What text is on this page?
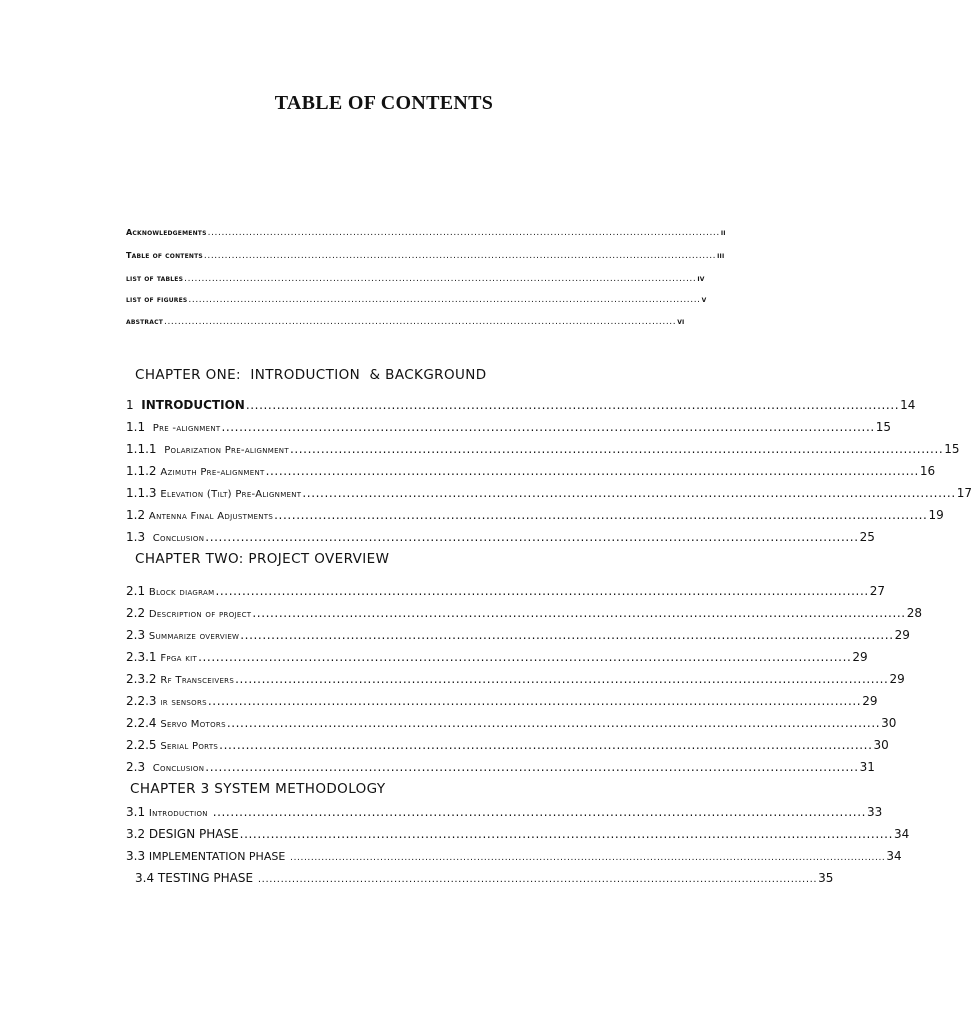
TABLE OF CONTENTS
Acknowledgements .................................................................................................................................................... ii
Table of contents .................................................................................................................................................... iii
list of tables .................................................................................................................................................... iv
list of figures .................................................................................................................................................... v
abstract .................................................................................................................................................... vi
CHAPTER ONE:  INTRODUCTION  & BACKGROUND
1 INTRODUCTION .................................................................................................................................................... 14
1.1 Pre -alignment .................................................................................................................................................... 15
1.1.1 Polarization Pre-alignment .................................................................................................................................................... 15
1.1.2 Azimuth Pre-alignment .................................................................................................................................................... 16
1.1.3 Elevation (Tilt) Pre-Alignment .................................................................................................................................................... 17
1.2 Antenna Final Adjustments .................................................................................................................................................... 19
1.3 Conclusion .................................................................................................................................................... 25
CHAPTER TWO: PROJECT OVERVIEW
2.1 Block diagram .................................................................................................................................................... 27
2.2 Description of project .................................................................................................................................................... 28
2.3 Summarize overview .................................................................................................................................................... 29
2.3.1 Fpga kit .................................................................................................................................................... 29
2.3.2 Rf Transceivers .................................................................................................................................................... 29
2.2.3 ir sensors .................................................................................................................................................... 29
2.2.4 Servo Motors .................................................................................................................................................... 30
2.2.5 Serial Ports .................................................................................................................................................... 30
2.3 Conclusion .................................................................................................................................................... 31
CHAPTER 3 SYSTEM METHODOLOGY
3.1 Introduction .................................................................................................................................................... 33
3.2 DESIGN PHASE .................................................................................................................................................... 34
3.3 IMPLEMENTATION PHASE ............................................................................................................................................................................ 34
3.4 TESTING PHASE .................................................................................................................................................... 35
